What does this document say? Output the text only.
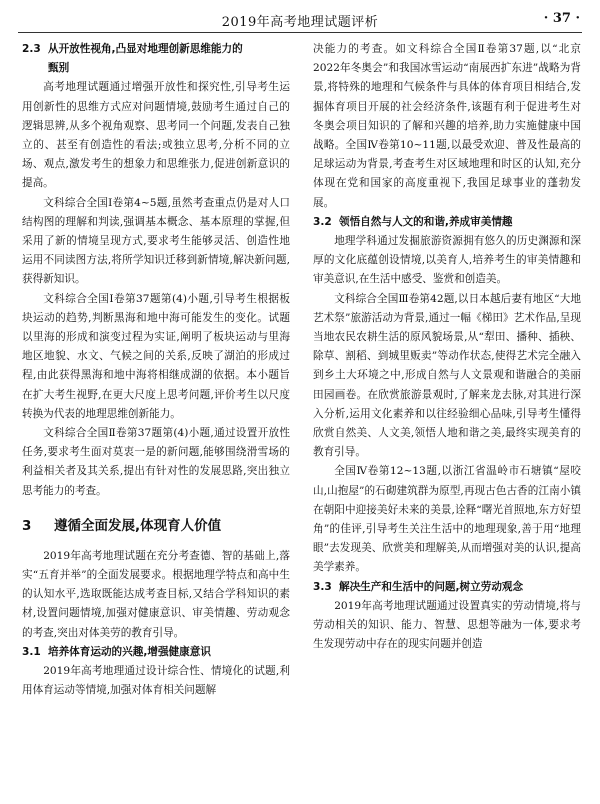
2019年高考地理试题评析	· 37 ·
2.3 从开放性视角,凸显对地理创新思维能力的
甄别

高考地理试题通过增强开放性和探究性,引导考生运用创新性的思维方式应对问题情境,鼓励考生通过自己的逻辑思辨,从多个视角观察、思考同一个问题,发表自己独立的、甚至有创造性的看法;或独立思考,分析不同的立场、观点,激发考生的想象力和思维张力,促进创新意识的提高。

文科综合全国Ⅰ卷第4~5题,虽然考查重点仍是对人口结构图的理解和判读,强调基本概念、基本原理的掌握,但采用了新的情境呈现方式,要求考生能够灵活、创造性地运用不同读图方法,将所学知识迁移到新情境,解决新问题,获得新知识。

文科综合全国Ⅰ卷第37题第(4)小题,引导考生根据板块运动的趋势,判断黑海和地中海可能发生的变化。试题以里海的形成和演变过程为实证,阐明了板块运动与里海地区地貌、水文、气候之间的关系,反映了湖泊的形成过程,由此获得黑海和地中海将相继成湖的依据。本小题旨在扩大考生视野,在更大尺度上思考问题,评价考生以尺度转换为代表的地理思维创新能力。

文科综合全国Ⅱ卷第37题第(4)小题,通过设置开放性任务,要求考生面对莫衷一是的新问题,能够围绕滑雪场的利益相关者及其关系,提出有针对性的发展思路,突出独立思考能力的考查。

3 遵循全面发展,体现育人价值

2019年高考地理试题在充分考查德、智的基础上,落实“五育并举”的全面发展要求。根据地理学特点和高中生的认知水平,选取既能达成考查目标,又结合学科知识的素材,设置问题情境,加强对健康意识、审美情趣、劳动观念的考查,突出对体美劳的教育引导。

3.1 培养体育运动的兴趣,增强健康意识

2019年高考地理通过设计综合性、情境化的试题,利用体育运动等情境,加强对体育相关问题解

决能力的考查。如文科综合全国Ⅱ卷第37题,以“北京2022年冬奥会”和我国冰雪运动“南展西扩东进”战略为背景,将特殊的地理和气候条件与具体的体育项目相结合,发掘体育项目开展的社会经济条件,该题有利于促进考生对冬奥会项目知识的了解和兴趣的培养,助力实施健康中国战略。全国Ⅳ卷第10~11题,以最受欢迎、普及性最高的足球运动为背景,考查考生对区域地理和时区的认知,充分体现在党和国家的高度重视下,我国足球事业的蓬勃发展。

3.2 领悟自然与人文的和谐,养成审美情趣

地理学科通过发掘旅游资源拥有悠久的历史渊源和深厚的文化底蕴创设情境,以美育人,培养考生的审美情趣和审美意识,在生活中感受、鉴赏和创造美。

文科综合全国Ⅲ卷第42题,以日本越后妻有地区“大地艺术祭”旅游活动为背景,通过一幅《梯田》艺术作品,呈现当地农民农耕生活的原风貌场景,从“犁田、播种、插秧、除草、割稻、到城里贩卖”等动作状态,使得艺术完全融入到乡土大环境之中,形成自然与人文景观和谐融合的美丽田园画卷。在欣赏旅游景观时,了解来龙去脉,对其进行深入分析,运用文化素养和以往经验细心品味,引导考生懂得欣赏自然美、人文美,领悟人地和谐之美,最终实现美育的教育引导。

全国Ⅳ卷第12~13题,以浙江省温岭市石塘镇“屋咬山,山抱屋”的石砌建筑群为原型,再现古色古香的江南小镇在朝阳中迎接美好未来的美景,诠释“曙光首照地,东方好望角”的佳评,引导考生关注生活中的地理现象,善于用“地理眼”去发现美、欣赏美和理解美,从而增强对美的认识,提高美学素养。

3.3 解决生产和生活中的问题,树立劳动观念

2019年高考地理试题通过设置真实的劳动情境,将与劳动相关的知识、能力、智慧、思想等融为一体,要求考生发现劳动中存在的现实问题并创造
